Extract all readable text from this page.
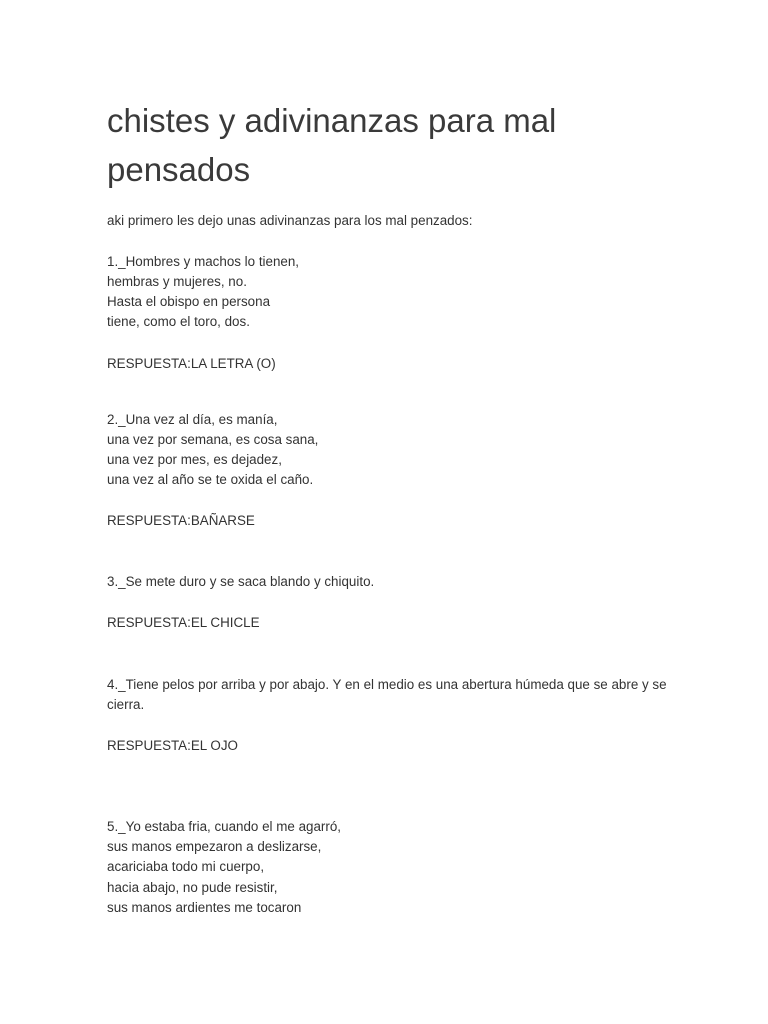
chistes y adivinanzas para mal pensados
aki primero les dejo unas adivinanzas para los mal penzados:
1._Hombres y machos lo tienen,
hembras y mujeres, no.
Hasta el obispo en persona
tiene, como el toro, dos.
RESPUESTA:LA LETRA (O)
2._Una vez al día, es manía,
una vez por semana, es cosa sana,
una vez por mes, es dejadez,
una vez al año se te oxida el caño.
RESPUESTA:BAÑARSE
3._Se mete duro y se saca blando y chiquito.
RESPUESTA:EL CHICLE
4._Tiene pelos por arriba y por abajo. Y en el medio es una abertura húmeda que se abre y se cierra.
RESPUESTA:EL OJO
5._Yo estaba fria, cuando el me agarró,
sus manos empezaron a deslizarse,
acariciaba todo mi cuerpo,
hacia abajo, no pude resistir,
sus manos ardientes me tocaron
